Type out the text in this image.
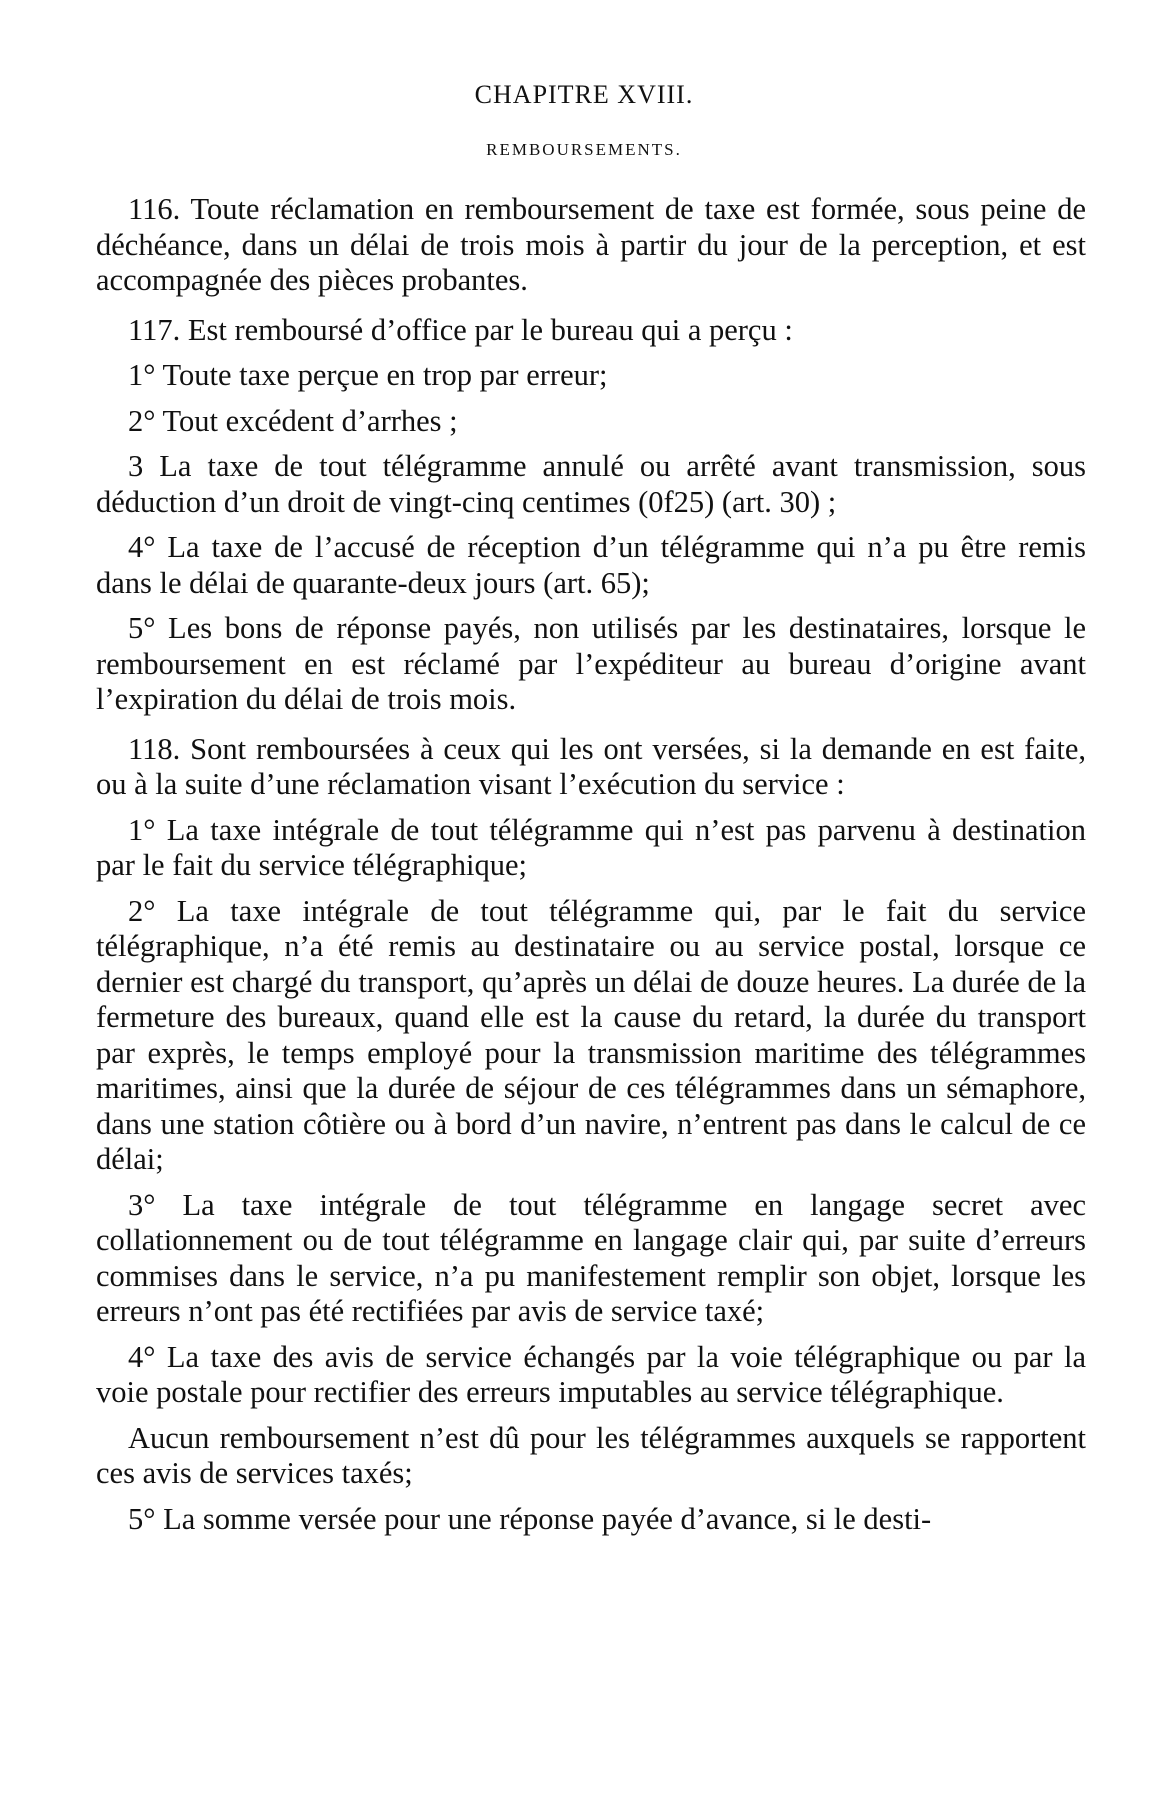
CHAPITRE XVIII.
REMBOURSEMENTS.

116. Toute réclamation en remboursement de taxe est formée, sous peine de déchéance, dans un délai de trois mois à partir du jour de la perception, et est accompagnée des pièces probantes.

117. Est remboursé d’office par le bureau qui a perçu :

1° Toute taxe perçue en trop par erreur;

2° Tout excédent d’arrhes ;

3 La taxe de tout télégramme annulé ou arrêté avant transmission, sous déduction d’un droit de vingt-cinq centimes (0f25) (art. 30) ;

4° La taxe de l’accusé de réception d’un télégramme qui n’a pu être remis dans le délai de quarante-deux jours (art. 65);

5° Les bons de réponse payés, non utilisés par les destinataires, lorsque le remboursement en est réclamé par l’expéditeur au bureau d’origine avant l’expiration du délai de trois mois.

118. Sont remboursées à ceux qui les ont versées, si la demande en est faite, ou à la suite d’une réclamation visant l’exécution du service :

1° La taxe intégrale de tout télégramme qui n’est pas parvenu à destination par le fait du service télégraphique;

2° La taxe intégrale de tout télégramme qui, par le fait du service télégraphique, n’a été remis au destinataire ou au service postal, lorsque ce dernier est chargé du transport, qu’après un délai de douze heures. La durée de la fermeture des bureaux, quand elle est la cause du retard, la durée du transport par exprès, le temps employé pour la transmission maritime des télégrammes maritimes, ainsi que la durée de séjour de ces télégrammes dans un sémaphore, dans une station côtière ou à bord d’un navire, n’entrent pas dans le calcul de ce délai;

3° La taxe intégrale de tout télégramme en langage secret avec collationnement ou de tout télégramme en langage clair qui, par suite d’erreurs commises dans le service, n’a pu manifestement remplir son objet, lorsque les erreurs n’ont pas été rectifiées par avis de service taxé;

4° La taxe des avis de service échangés par la voie télégraphique ou par la voie postale pour rectifier des erreurs imputables au service télégraphique.

Aucun remboursement n’est dû pour les télégrammes auxquels se rapportent ces avis de services taxés;

5° La somme versée pour une réponse payée d’avance, si le desti-
